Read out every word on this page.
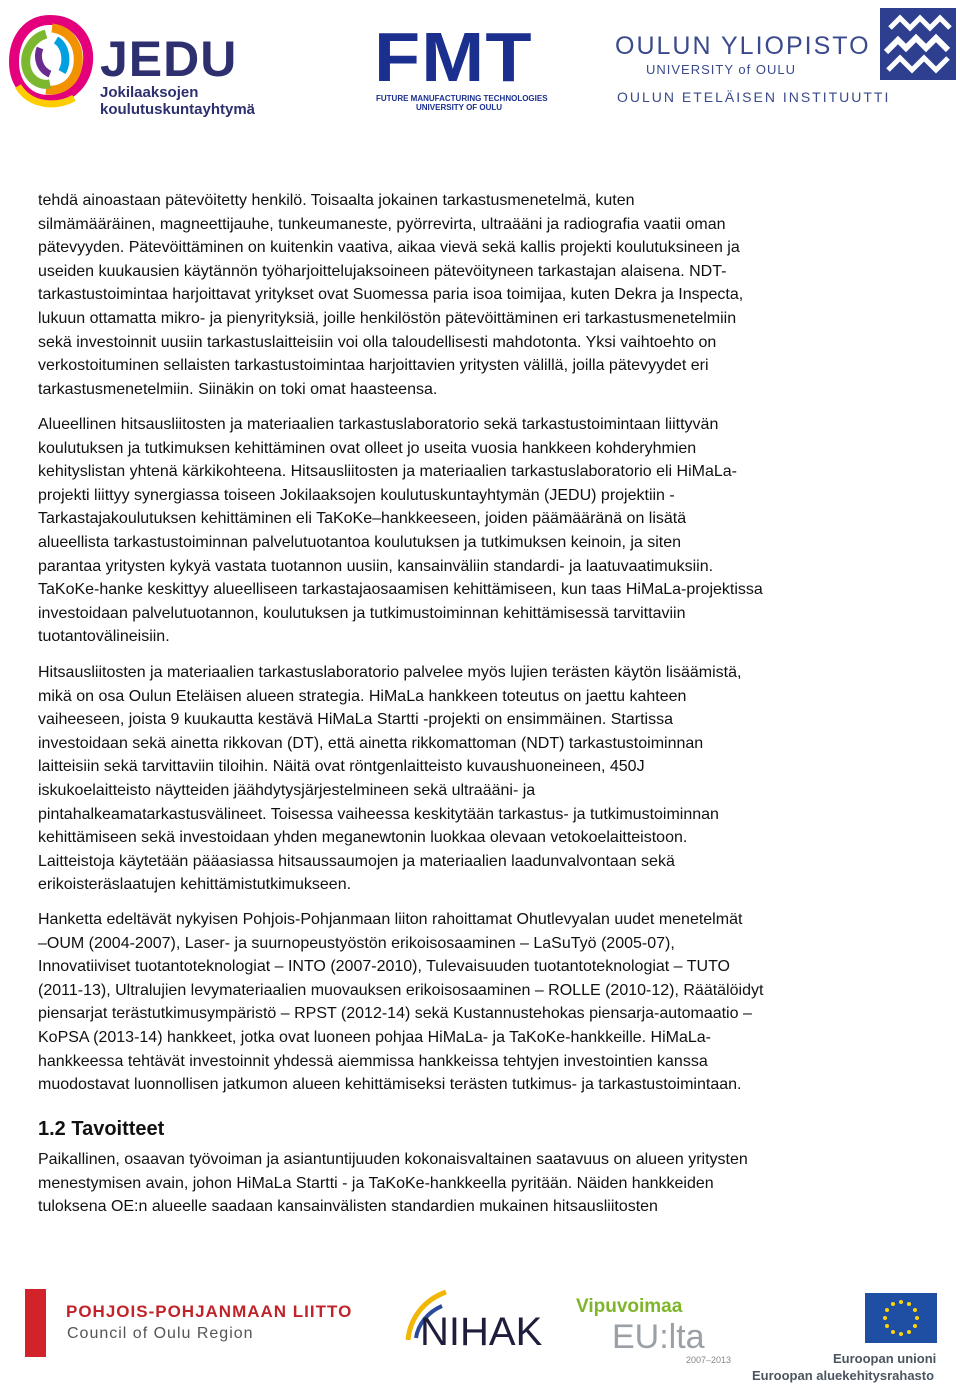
JEDU
Jokilaaksojen
koulutuskuntayhtymä
FMT
FUTURE MANUFACTURING TECHNOLOGIES
UNIVERSITY OF OULU
OULUN YLIOPISTO
UNIVERSITY of OULU
OULUN ETELÄISEN INSTITUUTTI

tehdä ainoastaan pätevöitetty henkilö. Toisaalta jokainen tarkastusmenetelmä, kuten
silmämääräinen, magneettijauhe, tunkeumaneste, pyörrevirta, ultraääni ja radiografia vaatii oman
pätevyyden. Pätevöittäminen on kuitenkin vaativa, aikaa vievä sekä kallis projekti koulutuksineen ja
useiden kuukausien käytännön työharjoittelujaksoineen pätevöityneen tarkastajan alaisena. NDT-
tarkastustoimintaa harjoittavat yritykset ovat Suomessa paria isoa toimijaa, kuten Dekra ja Inspecta,
lukuun ottamatta mikro- ja pienyrityksiä, joille henkilöstön pätevöittäminen eri tarkastusmenetelmiin
sekä investoinnit uusiin tarkastuslaitteisiin voi olla taloudellisesti mahdotonta. Yksi vaihtoehto on
verkostoituminen sellaisten tarkastustoimintaa harjoittavien yritysten välillä, joilla pätevyydet eri
tarkastusmenetelmiin. Siinäkin on toki omat haasteensa.

Alueellinen hitsausliitosten ja materiaalien tarkastuslaboratorio sekä tarkastustoimintaan liittyvän
koulutuksen ja tutkimuksen kehittäminen ovat olleet jo useita vuosia hankkeen kohderyhmien
kehityslistan yhtenä kärkikohteena. Hitsausliitosten ja materiaalien tarkastuslaboratorio eli HiMaLa-
projekti liittyy synergiassa toiseen Jokilaaksojen koulutuskuntayhtymän (JEDU) projektiin -
Tarkastajakoulutuksen kehittäminen eli TaKoKe–hankkeeseen, joiden päämääränä on lisätä
alueellista tarkastustoiminnan palvelutuotantoa koulutuksen ja tutkimuksen keinoin, ja siten
parantaa yritysten kykyä vastata tuotannon uusiin, kansainväliin standardi- ja laatuvaatimuksiin.
TaKoKe-hanke keskittyy alueelliseen tarkastajaosaamisen kehittämiseen, kun taas HiMaLa-projektissa
investoidaan palvelutuotannon, koulutuksen ja tutkimustoiminnan kehittämisessä tarvittaviin
tuotantovälineisiin.

Hitsausliitosten ja materiaalien tarkastuslaboratorio palvelee myös lujien terästen käytön lisäämistä,
mikä on osa Oulun Eteläisen alueen strategia. HiMaLa hankkeen toteutus on jaettu kahteen
vaiheeseen, joista 9 kuukautta kestävä HiMaLa Startti -projekti on ensimmäinen. Startissa
investoidaan sekä ainetta rikkovan (DT), että ainetta rikkomattoman (NDT) tarkastustoiminnan
laitteisiin sekä tarvittaviin tiloihin. Näitä ovat röntgenlaitteisto kuvaushuoneineen, 450J
iskukoelaitteisto näytteiden jäähdytysjärjestelmineen sekä ultraääni- ja
pintahalkeamatarkastusvälineet. Toisessa vaiheessa keskitytään tarkastus- ja tutkimustoiminnan
kehittämiseen sekä investoidaan yhden meganewtonin luokkaa olevaan vetokoelaitteistoon.
Laitteistoja käytetään pääasiassa hitsaussaumojen ja materiaalien laadunvalvontaan sekä
erikoisteräslaatujen kehittämistutkimukseen.

Hanketta edeltävät nykyisen Pohjois-Pohjanmaan liiton rahoittamat Ohutlevyalan uudet menetelmät
–OUM (2004-2007), Laser- ja suurnopeustyöstön erikoisosaaminen – LaSuTyö (2005-07),
Innovatiiviset tuotantoteknologiat – INTO (2007-2010), Tulevaisuuden tuotantoteknologiat – TUTO
(2011-13), Ultralujien levymateriaalien muovauksen erikoisosaaminen – ROLLE (2010-12), Räätälöidyt
piensarjat terästutkimusympäristö – RPST (2012-14) sekä Kustannustehokas piensarja-automaatio –
KoPSA (2013-14) hankkeet, jotka ovat luoneen pohjaa HiMaLa- ja TaKoKe-hankkeille. HiMaLa-
hankkeessa tehtävät investoinnit yhdessä aiemmissa hankkeissa tehtyjen investointien kanssa
muodostavat luonnollisen jatkumon alueen kehittämiseksi terästen tutkimus- ja tarkastustoimintaan.

1.2 Tavoitteet

Paikallinen, osaavan työvoiman ja asiantuntijuuden kokonaisvaltainen saatavuus on alueen yritysten
menestymisen avain, johon HiMaLa Startti - ja TaKoKe-hankkeella pyritään. Näiden hankkeiden
tuloksena OE:n alueelle saadaan kansainvälisten standardien mukainen hitsausliitosten

POHJOIS-POHJANMAAN LIITTO
Council of Oulu Region	NIHAK
Vipuvoimaa
EU:lta
2007–2013	Euroopan unioni
Euroopan aluekehitysrahasto
